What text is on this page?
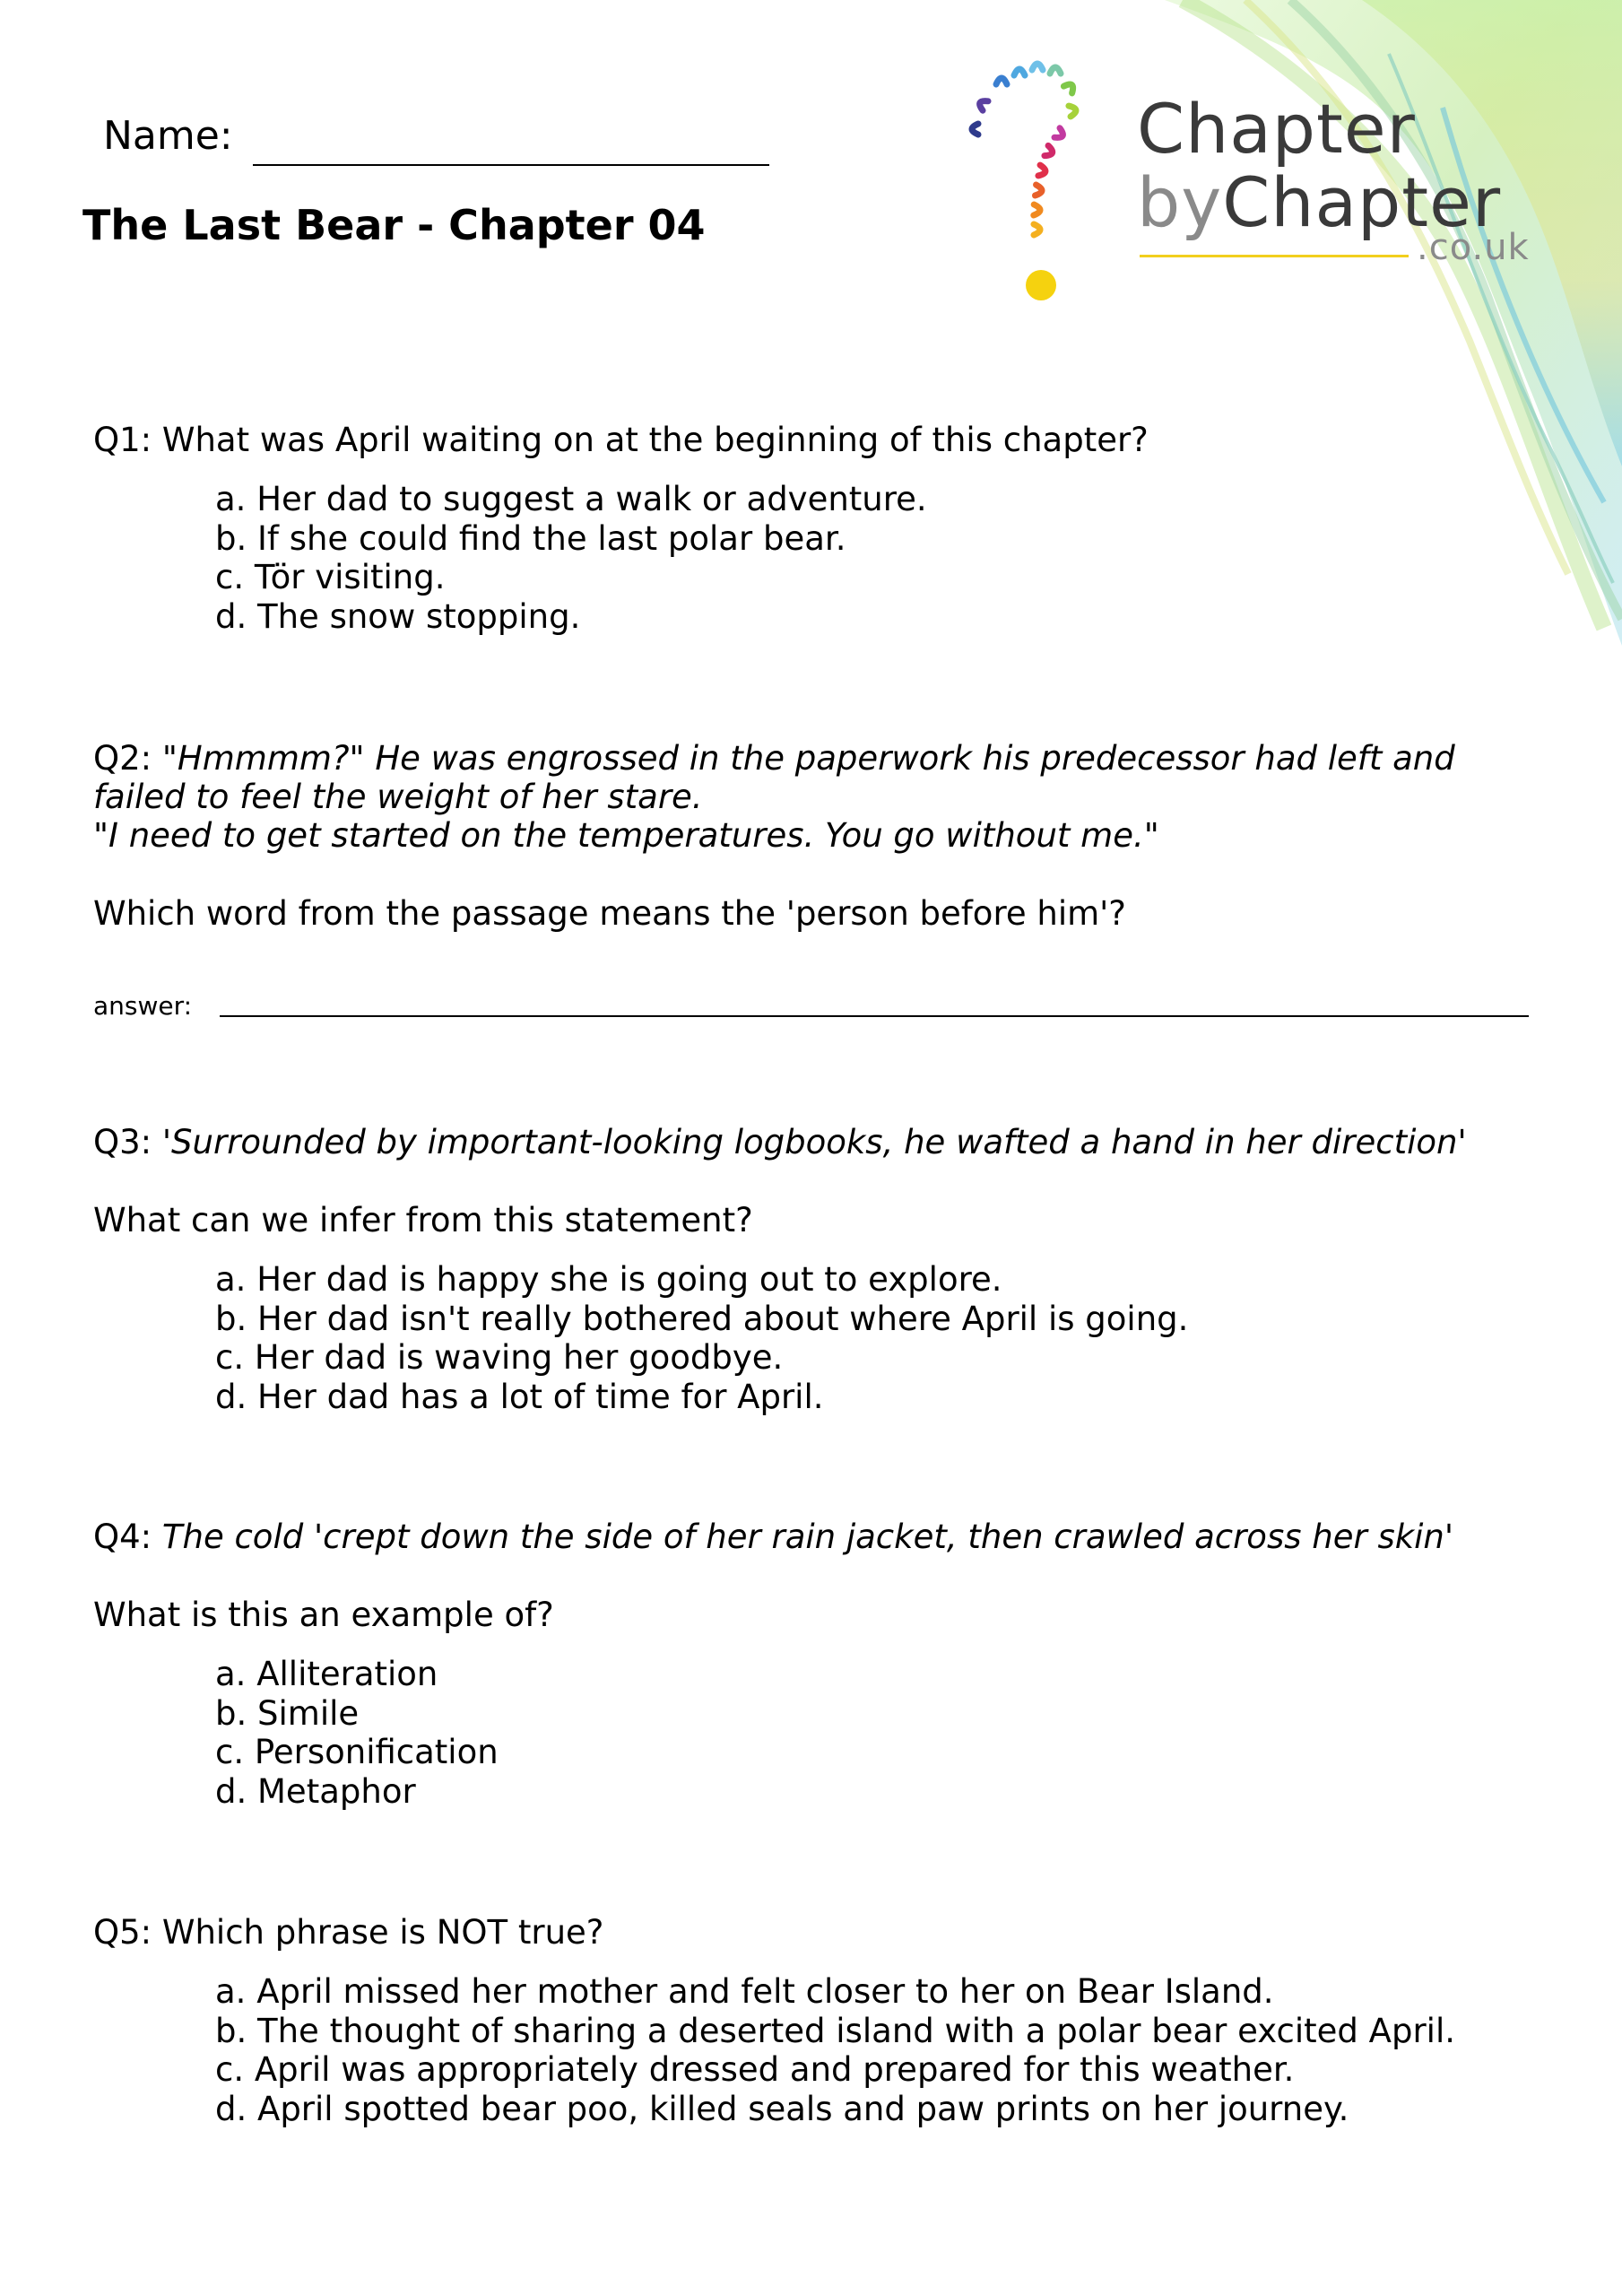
Chapter
byChapter
.co.uk
Name:
The Last Bear - Chapter 04

Q1: What was April waiting on at the beginning of this chapter?

a. Her dad to suggest a walk or adventure.

b. If she could find the last polar bear.

c. Tör visiting.

d. The snow stopping.

Q2: "Hmmmm?" He was engrossed in the paperwork his predecessor had left and

failed to feel the weight of her stare.

"I need to get started on the temperatures. You go without me."

Which word from the passage means the 'person before him'?
answer:

Q3: 'Surrounded by important-looking logbooks, he wafted a hand in her direction'

What can we infer from this statement?

a. Her dad is happy she is going out to explore.

b. Her dad isn't really bothered about where April is going.

c. Her dad is waving her goodbye.

d. Her dad has a lot of time for April.

Q4: The cold 'crept down the side of her rain jacket, then crawled across her skin'

What is this an example of?

a. Alliteration

b. Simile

c. Personification

d. Metaphor

Q5: Which phrase is NOT true?

a. April missed her mother and felt closer to her on Bear Island.

b. The thought of sharing a deserted island with a polar bear excited April.

c. April was appropriately dressed and prepared for this weather.

d. April spotted bear poo, killed seals and paw prints on her journey.
